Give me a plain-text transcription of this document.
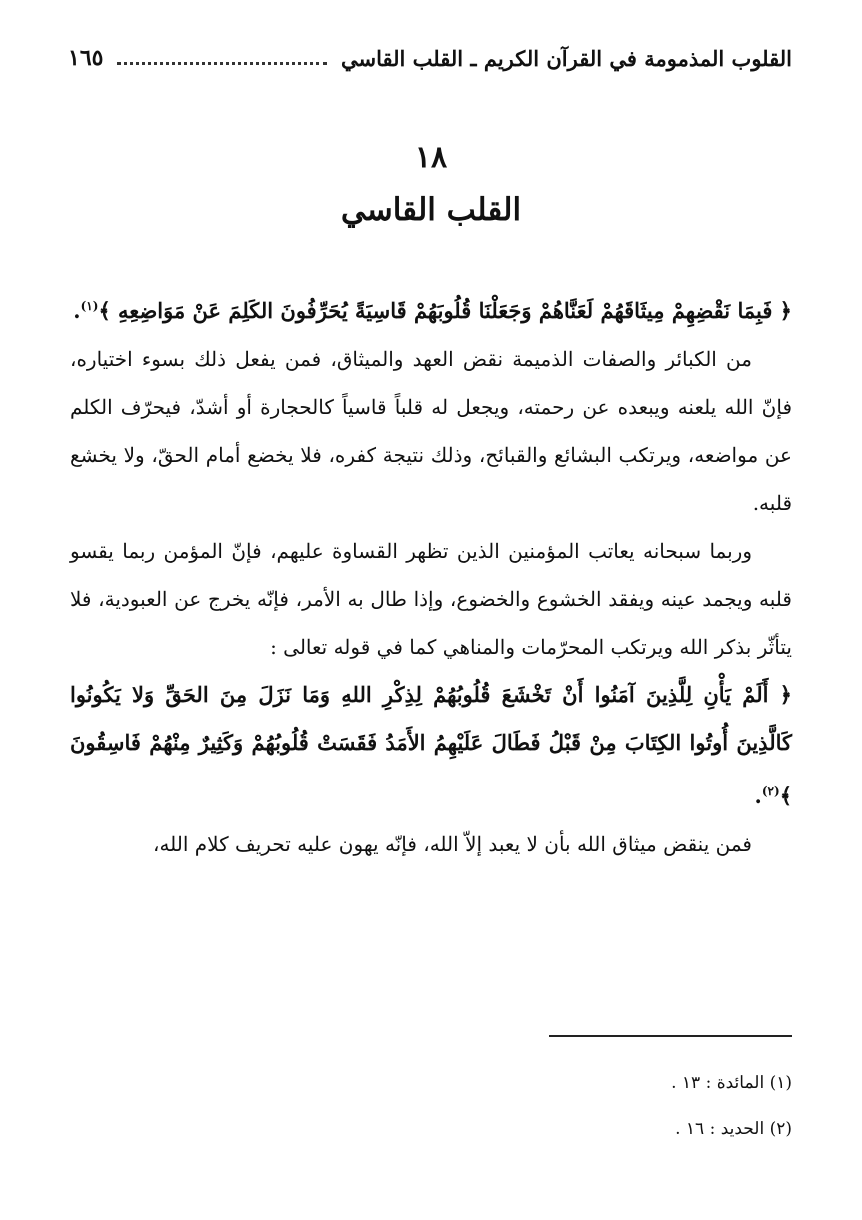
القلوب المذمومة في القرآن الكريم ـ القلب القاسي
١٦٥
١٨
القلب القاسي

﴿ فَبِمَا نَقْضِهِمْ مِيثَاقَهُمْ لَعَنَّاهُمْ وَجَعَلْنَا قُلُوبَهُمْ قَاسِيَةً يُحَرِّفُونَ الكَلِمَ عَنْ مَوَاضِعِهِ ﴾$^{(١)}$.

من الكبائر والصفات الذميمة نقض العهد والميثاق، فمن يفعل ذلك بسوء اختياره، فإنّ الله يلعنه ويبعده عن رحمته، ويجعل له قلباً قاسياً كالحجارة أو أشدّ، فيحرّف الكلم عن مواضعه، ويرتكب البشائع والقبائح، وذلك نتيجة كفره، فلا يخضع أمام الحقّ، ولا يخشع قلبه.

وربما سبحانه يعاتب المؤمنين الذين تظهر القساوة عليهم، فإنّ المؤمن ربما يقسو قلبه ويجمد عينه ويفقد الخشوع والخضوع، وإذا طال به الأمر، فإنّه يخرج عن العبودية، فلا يتأثّر بذكر الله ويرتكب المحرّمات والمناهي كما في قوله تعالى :

﴿ أَلَمْ يَأْنِ لِلَّذِينَ آمَنُوا أَنْ تَخْشَعَ قُلُوبُهُمْ لِذِكْرِ اللهِ وَمَا نَزَلَ مِنَ الحَقِّ وَلا يَكُونُوا كَالَّذِينَ أُوتُوا الكِتَابَ مِنْ قَبْلُ فَطَالَ عَلَيْهِمُ الأَمَدُ فَقَسَتْ قُلُوبُهُمْ وَكَثِيرٌ مِنْهُمْ فَاسِقُونَ ﴾$^{(٢)}$.

فمن ينقض ميثاق الله بأن لا يعبد إلاّ الله، فإنّه يهون عليه تحريف كلام الله،

(١) المائدة : ١٣ .
(٢) الحديد : ١٦ .
